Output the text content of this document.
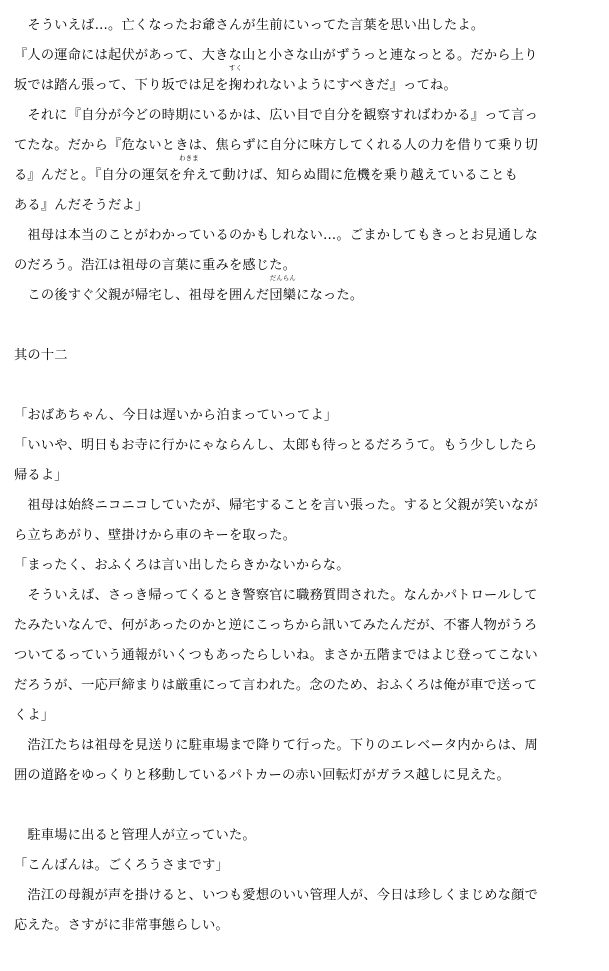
　そういえば…。亡くなったお爺さんが生前にいってた言葉を思い出したよ。
『人の運命には起伏があって、大きな山と小さな山がずうっと連なっとる。だから上り
坂では踏ん張って、下り坂では足を
すく
掬われないようにすべきだ』ってね。
　それに『自分が今どの時期にいるかは、広い目で自分を観察すればわかる』って言っ
てたな。だから『危ないときは、焦らずに自分に味方してくれる人の力を借りて乗り切
る』んだと。『自分の運気を
わきま
弁えて動けば、知らぬ間に危機を乗り越えていることも
ある』んだそうだよ」
　祖母は本当のことがわかっているのかもしれない…。ごまかしてもきっとお見通しな
のだろう。浩江は祖母の言葉に重みを感じた。
　この後すぐ父親が帰宅し、祖母を囲んだ
だんらん
団欒になった。
其の十二
「おばあちゃん、今日は遅いから泊まっていってよ」
「いいや、明日もお寺に行かにゃならんし、太郎も待っとるだろうて。もう少ししたら
帰るよ」
　祖母は始終ニコニコしていたが、帰宅することを言い張った。すると父親が笑いなが
ら立ちあがり、壁掛けから車のキーを取った。
「まったく、おふくろは言い出したらきかないからな。
　そういえば、さっき帰ってくるとき警察官に職務質問された。なんかパトロールして
たみたいなんで、何があったのかと逆にこっちから訊いてみたんだが、不審人物がうろ
ついてるっていう通報がいくつもあったらしいね。まさか五階まではよじ登ってこない
だろうが、一応戸締まりは厳重にって言われた。念のため、おふくろは俺が車で送って
くよ」
　浩江たちは祖母を見送りに駐車場まで降りて行った。下りのエレベータ内からは、周
囲の道路をゆっくりと移動しているパトカーの赤い回転灯がガラス越しに見えた。
　駐車場に出ると管理人が立っていた。
「こんばんは。ごくろうさまです」
　浩江の母親が声を掛けると、いつも愛想のいい管理人が、今日は珍しくまじめな顔で
応えた。さすがに非常事態らしい。
